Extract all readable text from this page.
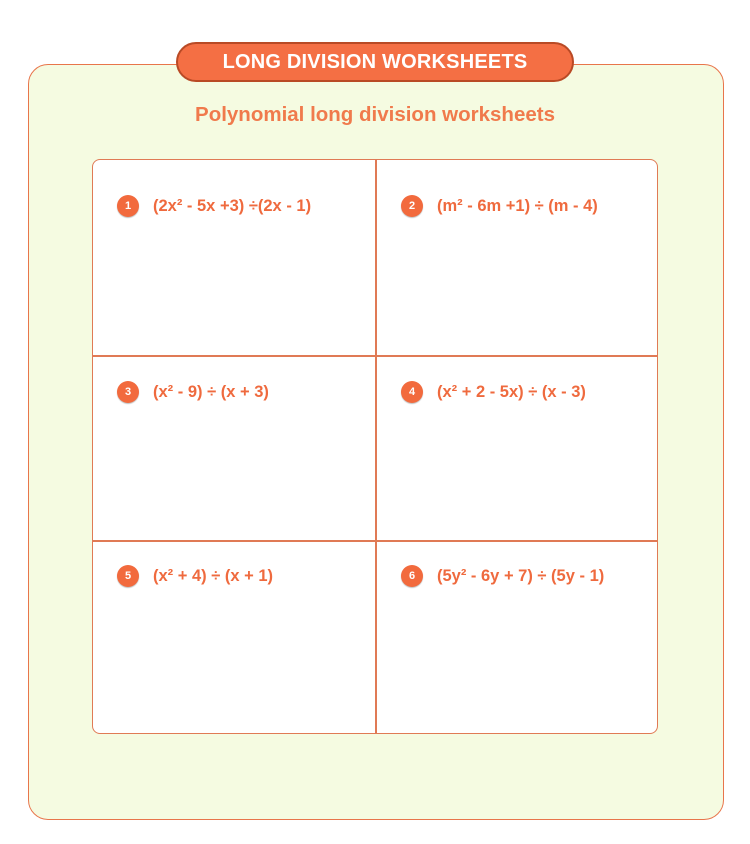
LONG DIVISION WORKSHEETS
Polynomial long division worksheets
1	(2x² - 5x +3) ÷(2x - 1)	2	(m² - 6m +1) ÷ (m - 4)
3	(x² - 9) ÷ (x + 3)	4	(x² + 2 - 5x) ÷ (x - 3)
5	(x² + 4) ÷ (x + 1)	6	(5y² - 6y + 7) ÷ (5y - 1)
